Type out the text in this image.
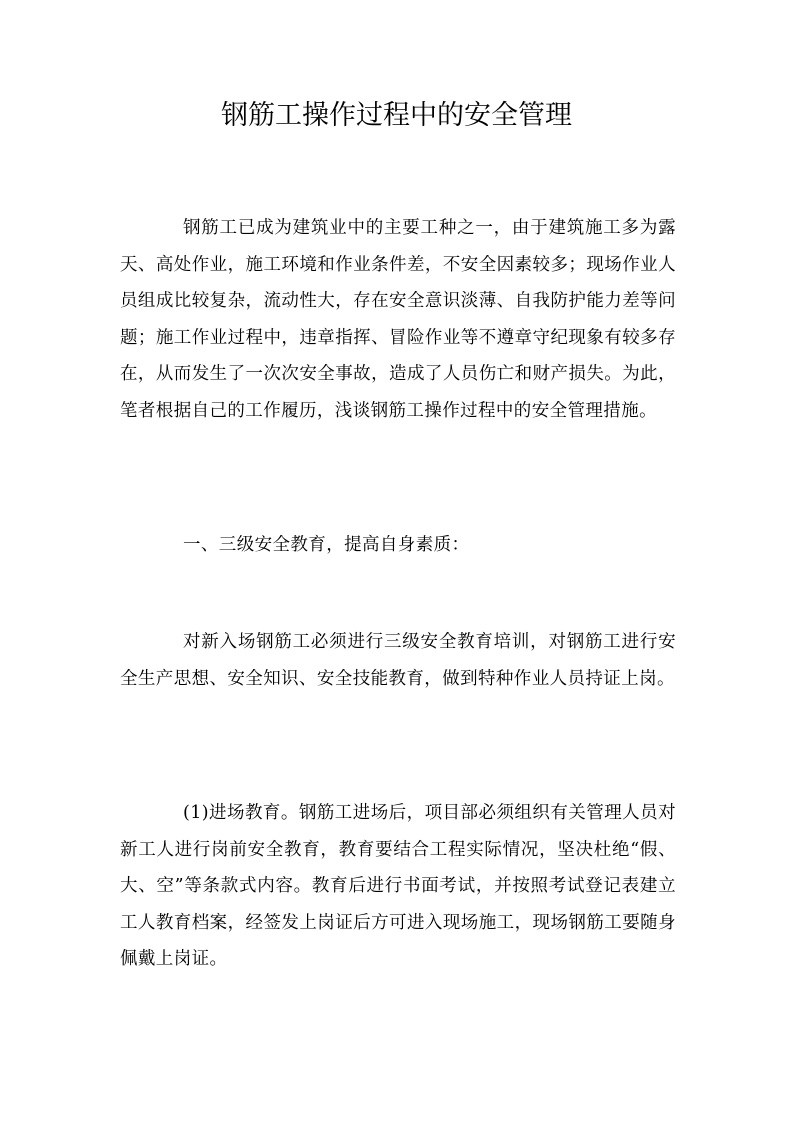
钢筋工操作过程中的安全管理

钢筋工已成为建筑业中的主要工种之一，由于建筑施工多为露天、高处作业，施工环境和作业条件差，不安全因素较多；现场作业人员组成比较复杂，流动性大，存在安全意识淡薄、自我防护能力差等问题；施工作业过程中，违章指挥、冒险作业等不遵章守纪现象有较多存在，从而发生了一次次安全事故，造成了人员伤亡和财产损失。为此，笔者根据自己的工作履历，浅谈钢筋工操作过程中的安全管理措施。

一、三级安全教育，提高自身素质：

对新入场钢筋工必须进行三级安全教育培训，对钢筋工进行安全生产思想、安全知识、安全技能教育，做到特种作业人员持证上岗。

(1)进场教育。钢筋工进场后，项目部必须组织有关管理人员对新工人进行岗前安全教育，教育要结合工程实际情况，坚决杜绝“假、大、空”等条款式内容。教育后进行书面考试，并按照考试登记表建立工人教育档案，经签发上岗证后方可进入现场施工，现场钢筋工要随身佩戴上岗证。
